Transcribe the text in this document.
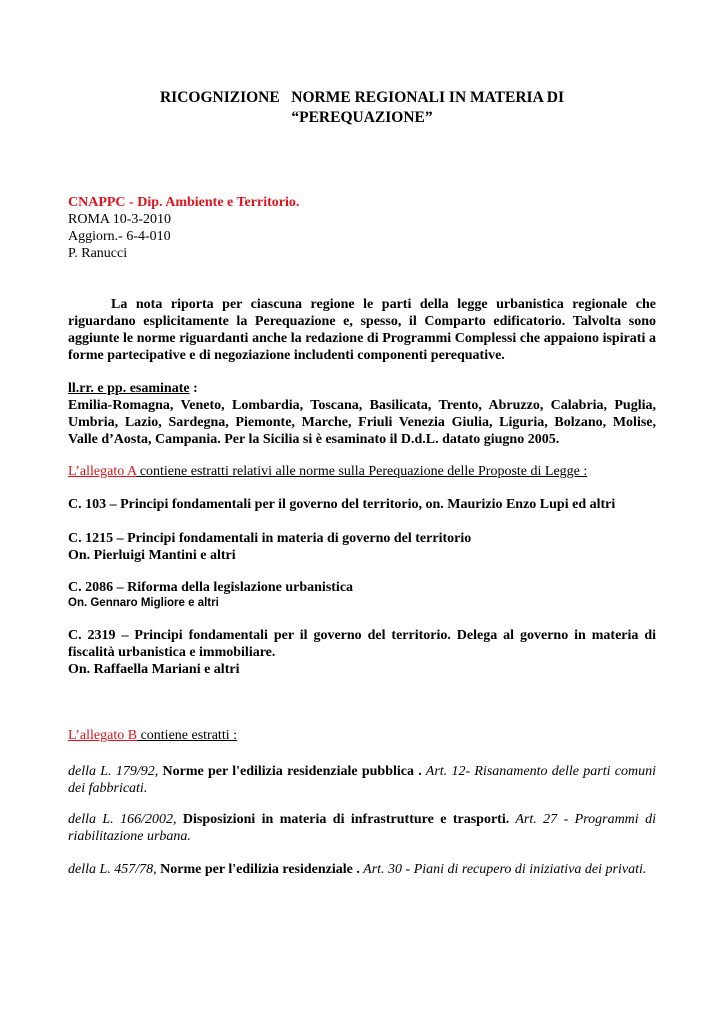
RICOGNIZIONE   NORME REGIONALI IN MATERIA DI
“PEREQUAZIONE”
CNAPPC - Dip. Ambiente e Territorio.
ROMA 10-3-2010
Aggiorn.- 6-4-010
P. Ranucci
La nota riporta per ciascuna regione le parti della legge urbanistica regionale che riguardano esplicitamente la Perequazione e, spesso, il Comparto edificatorio. Talvolta sono aggiunte le norme riguardanti anche la redazione di Programmi Complessi che appaiono ispirati a forme partecipative e di negoziazione includenti componenti perequative.
ll.rr. e pp. esaminate :
Emilia-Romagna, Veneto, Lombardia, Toscana, Basilicata, Trento, Abruzzo, Calabria, Puglia, Umbria, Lazio, Sardegna, Piemonte, Marche, Friuli Venezia Giulia, Liguria, Bolzano, Molise, Valle d’Aosta, Campania. Per la Sicilia si è esaminato il D.d.L. datato giugno 2005.
L’allegato A contiene estratti relativi alle norme sulla Perequazione delle Proposte di Legge :
C. 103 – Principi fondamentali per il governo del territorio, on. Maurizio Enzo Lupi ed altri
C. 1215 – Principi fondamentali in materia di governo del territorio
On. Pierluigi Mantini e altri
C. 2086 – Riforma della legislazione urbanistica
On. Gennaro Migliore e altri
C. 2319 – Principi fondamentali per il governo del territorio. Delega al governo in materia di fiscalità urbanistica e immobiliare.
On. Raffaella Mariani e altri
L’allegato B contiene estratti :
della L. 179/92, Norme per l'edilizia residenziale pubblica . Art. 12- Risanamento delle parti comuni dei fabbricati.
della L. 166/2002, Disposizioni in materia di infrastrutture e trasporti. Art. 27 - Programmi di riabilitazione urbana.
della L. 457/78, Norme per l'edilizia residenziale . Art. 30 - Piani di recupero di iniziativa dei privati.
